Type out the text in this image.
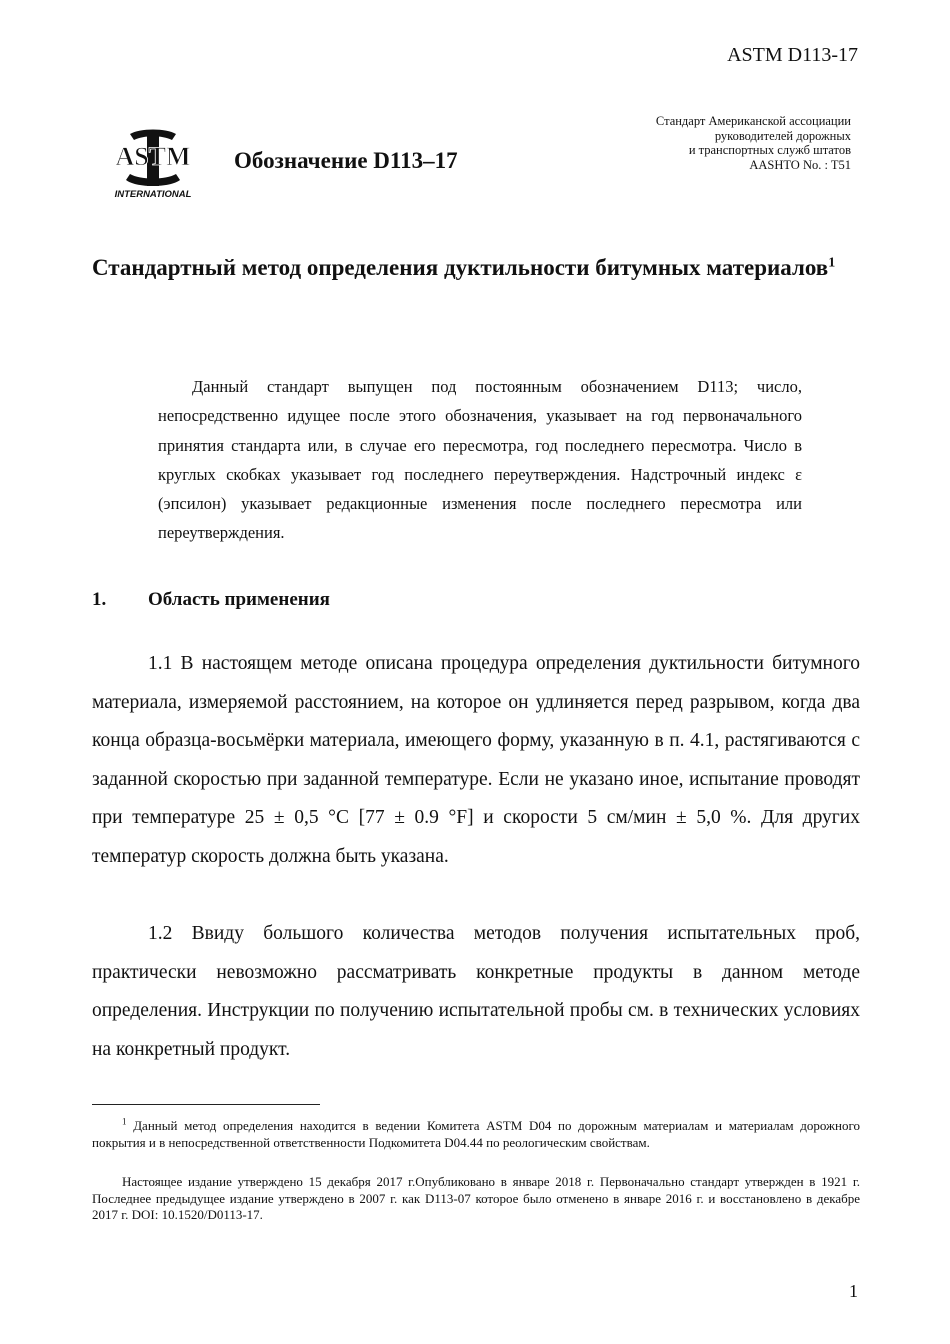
ASTM D113-17
ASTM
INTERNATIONAL
Обозначение D113–17
Стандарт Американской ассоциации
руководителей дорожных
и транспортных служб штатов
AASHTO No. : T51
Стандартный метод определения дуктильности битумных материалов$^1$
Данный стандарт выпущен под постоянным обозначением D113; число, непосредственно идущее после этого обозначения, указывает на год первоначального принятия стандарта или, в случае его пересмотра, год последнего пересмотра. Число в круглых скобках указывает год последнего переутверждения. Надстрочный индекс ε (эпсилон) указывает редакционные изменения после последнего пересмотра или переутверждения.
1. Область применения
1.1 В настоящем методе описана процедура определения дуктильности битумного материала, измеряемой расстоянием, на которое он удлиняется перед разрывом, когда два конца образца-восьмёрки материала, имеющего форму, указанную в п. 4.1, растягиваются с заданной скоростью при заданной температуре. Если не указано иное, испытание проводят при температуре 25 ± 0,5 °C [77 ± 0.9 °F] и скорости 5 см/мин ± 5,0 %. Для других температур скорость должна быть указана.
1.2 Ввиду большого количества методов получения испытательных проб, практически невозможно рассматривать конкретные продукты в данном методе определения. Инструкции по получению испытательной пробы см. в технических условиях на конкретный продукт.
$^1$ Данный метод определения находится в ведении Комитета ASTM D04 по дорожным материалам и материалам дорожного покрытия и в непосредственной ответственности Подкомитета D04.44 по реологическим свойствам.
Настоящее издание утверждено 15 декабря 2017 г.Опубликовано в январе 2018 г. Первоначально стандарт утвержден в 1921 г. Последнее предыдущее издание утверждено в 2007 г. как D113-07 которое было отменено в январе 2016 г. и восстановлено в декабре 2017 г. DOI: 10.1520/D0113-17.
1
